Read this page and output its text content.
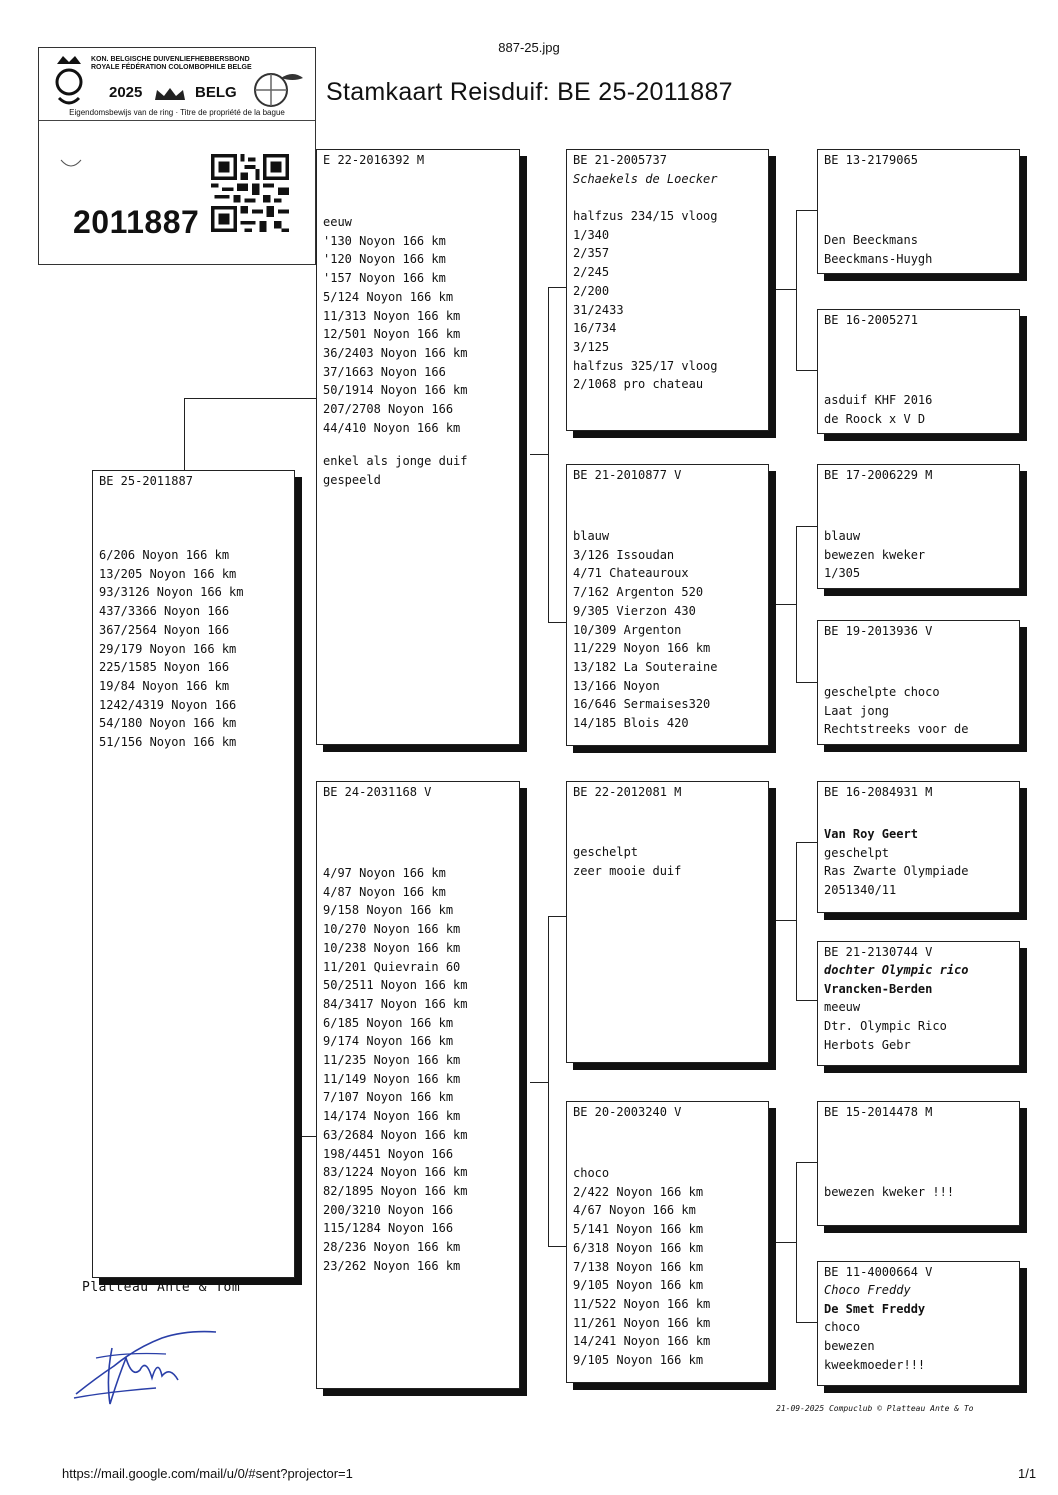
887-25.jpg
Stamkaart Reisduif: BE 25-2011887
KON. BELGISCHE DUIVENLIEFHEBBERSBOND
ROYALE FÉDÉRATION COLOMBOPHILE BELGE
2025	BELG
Eigendomsbewijs van de ring · Titre de propriété de la bague
2011887
BE 25-2011887
6/206 Noyon 166 km
13/205 Noyon 166 km
93/3126 Noyon 166 km
437/3366 Noyon 166
367/2564 Noyon 166
29/179 Noyon 166 km
225/1585 Noyon 166
19/84 Noyon 166 km
1242/4319 Noyon 166
54/180 Noyon 166 km
51/156 Noyon 166 km
E 22-2016392 M
eeuw
'130 Noyon 166 km
'120 Noyon 166 km
'157 Noyon 166 km
5/124 Noyon 166 km
11/313 Noyon 166 km
12/501 Noyon 166 km
36/2403 Noyon 166 km
37/1663 Noyon 166
50/1914 Noyon 166 km
207/2708 Noyon 166
44/410 Noyon 166 km
enkel als jonge duif
gespeeld
BE 24-2031168 V
4/97 Noyon 166 km
4/87 Noyon 166 km
9/158 Noyon 166 km
10/270 Noyon 166 km
10/238 Noyon 166 km
11/201 Quievrain 60
50/2511 Noyon 166 km
84/3417 Noyon 166 km
6/185 Noyon 166 km
9/174 Noyon 166 km
11/235 Noyon 166 km
11/149 Noyon 166 km
7/107 Noyon 166 km
14/174 Noyon 166 km
63/2684 Noyon 166 km
198/4451 Noyon 166
83/1224 Noyon 166 km
82/1895 Noyon 166 km
200/3210 Noyon 166
115/1284 Noyon 166
28/236 Noyon 166 km
23/262 Noyon 166 km
BE 21-2005737
Schaekels de Loecker
halfzus 234/15 vloog
1/340
2/357
2/245
2/200
31/2433
16/734
3/125
halfzus 325/17 vloog
2/1068 pro chateau
BE 21-2010877 V
blauw
3/126 Issoudan
4/71 Chateauroux
7/162 Argenton 520
9/305 Vierzon 430
10/309 Argenton
11/229 Noyon 166 km
13/182 La Souteraine
13/166 Noyon
16/646 Sermaises320
14/185 Blois 420
BE 22-2012081 M
geschelpt
zeer mooie duif
BE 20-2003240 V
choco
2/422 Noyon 166 km
4/67 Noyon 166 km
5/141 Noyon 166 km
6/318 Noyon 166 km
7/138 Noyon 166 km
9/105 Noyon 166 km
11/522 Noyon 166 km
11/261 Noyon 166 km
14/241 Noyon 166 km
9/105 Noyon 166 km
BE 13-2179065
Den Beeckmans
Beeckmans-Huygh
BE 16-2005271
asduif KHF 2016
de Roock x V D
BE 17-2006229 M
blauw
bewezen kweker
1/305
BE 19-2013936 V
geschelpte choco
Laat jong
Rechtstreeks voor de
BE 16-2084931 M
Van Roy Geert
geschelpt
Ras Zwarte Olympiade
2051340/11
BE 21-2130744 V
dochter Olympic rico
Vrancken-Berden
meeuw
Dtr. Olympic Rico
Herbots Gebr
BE 15-2014478 M
bewezen kweker !!!
BE 11-4000664 V
Choco Freddy
De Smet Freddy
choco
bewezen
kweekmoeder!!!
Platteau Ante & Tom
21-09-2025 Compuclub © Platteau Ante & To
https://mail.google.com/mail/u/0/#sent?projector=1	1/1
